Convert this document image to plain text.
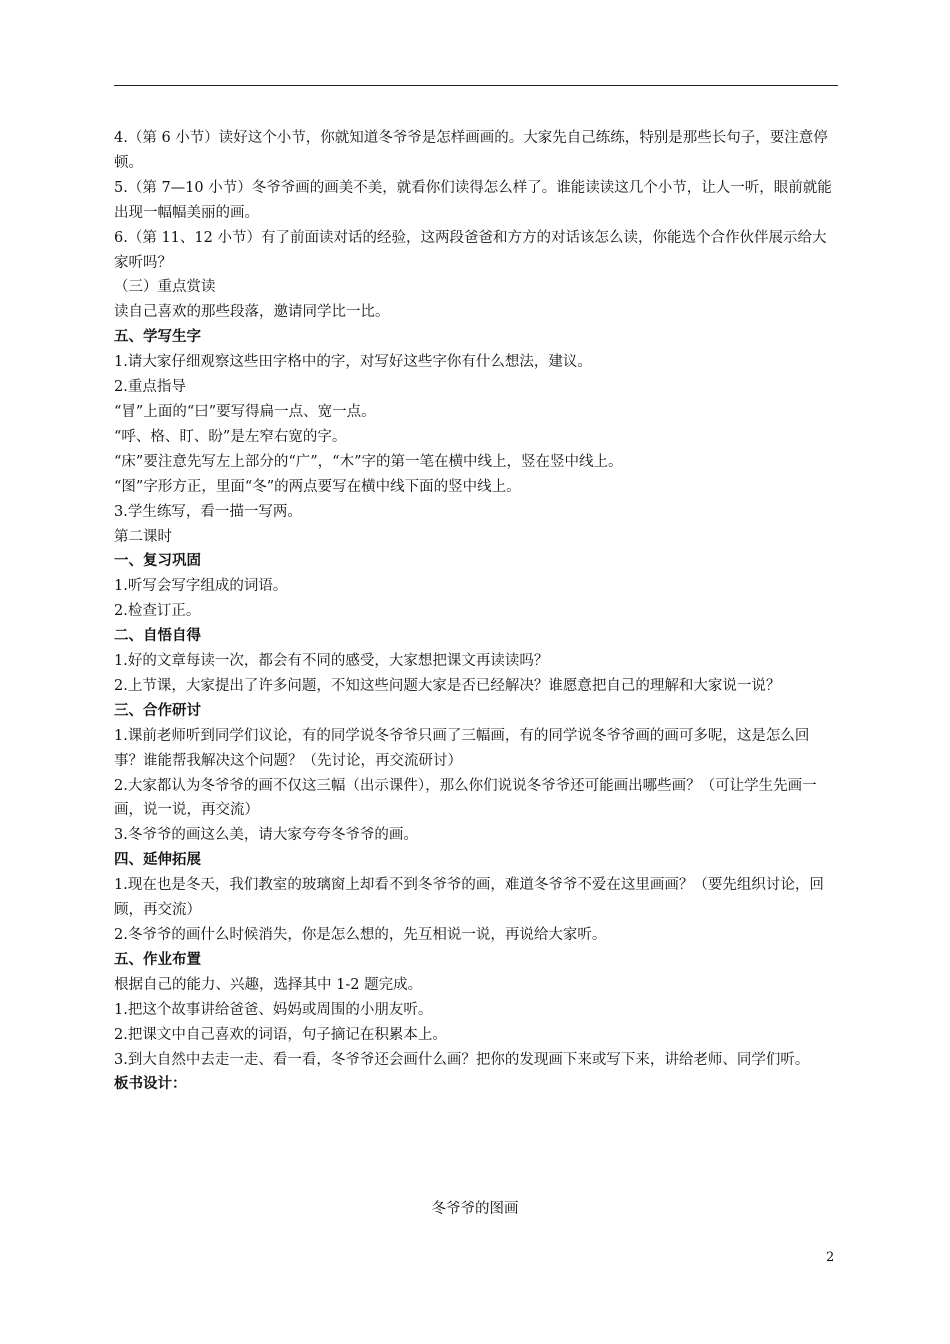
4.（第 6 小节）读好这个小节，你就知道冬爷爷是怎样画画的。大家先自己练练，特别是那些长句子，要注意停顿。

5.（第 7—10 小节）冬爷爷画的画美不美，就看你们读得怎么样了。谁能读读这几个小节，让人一听，眼前就能出现一幅幅美丽的画。

6.（第 11、12 小节）有了前面读对话的经验，这两段爸爸和方方的对话该怎么读，你能选个合作伙伴展示给大家听吗？

（三）重点赏读

读自己喜欢的那些段落，邀请同学比一比。

五、学写生字

1.请大家仔细观察这些田字格中的字，对写好这些字你有什么想法，建议。

2.重点指导

“冒”上面的“曰”要写得扁一点、宽一点。

“呼、格、盯、盼”是左窄右宽的字。

“床”要注意先写左上部分的“广”，“木”字的第一笔在横中线上，竖在竖中线上。

“图”字形方正，里面“冬”的两点要写在横中线下面的竖中线上。

3.学生练写，看一描一写两。

第二课时

一、复习巩固

1.听写会写字组成的词语。

2.检查订正。

二、自悟自得

1.好的文章每读一次，都会有不同的感受，大家想把课文再读读吗？

2.上节课，大家提出了许多问题，不知这些问题大家是否已经解决？谁愿意把自己的理解和大家说一说？

三、合作研讨

1.课前老师听到同学们议论，有的同学说冬爷爷只画了三幅画，有的同学说冬爷爷画的画可多呢，这是怎么回事？谁能帮我解决这个问题？（先讨论，再交流研讨）

2.大家都认为冬爷爷的画不仅这三幅（出示课件），那么你们说说冬爷爷还可能画出哪些画？（可让学生先画一画，说一说，再交流）

3.冬爷爷的画这么美，请大家夸夸冬爷爷的画。

四、延伸拓展

1.现在也是冬天，我们教室的玻璃窗上却看不到冬爷爷的画，难道冬爷爷不爱在这里画画？（要先组织讨论，回顾，再交流）

2.冬爷爷的画什么时候消失，你是怎么想的，先互相说一说，再说给大家听。

五、作业布置

根据自己的能力、兴趣，选择其中 1-2 题完成。

1.把这个故事讲给爸爸、妈妈或周围的小朋友听。

2.把课文中自己喜欢的词语，句子摘记在积累本上。

3.到大自然中去走一走、看一看，冬爷爷还会画什么画？把你的发现画下来或写下来，讲给老师、同学们听。

板书设计：

冬爷爷的图画
2
